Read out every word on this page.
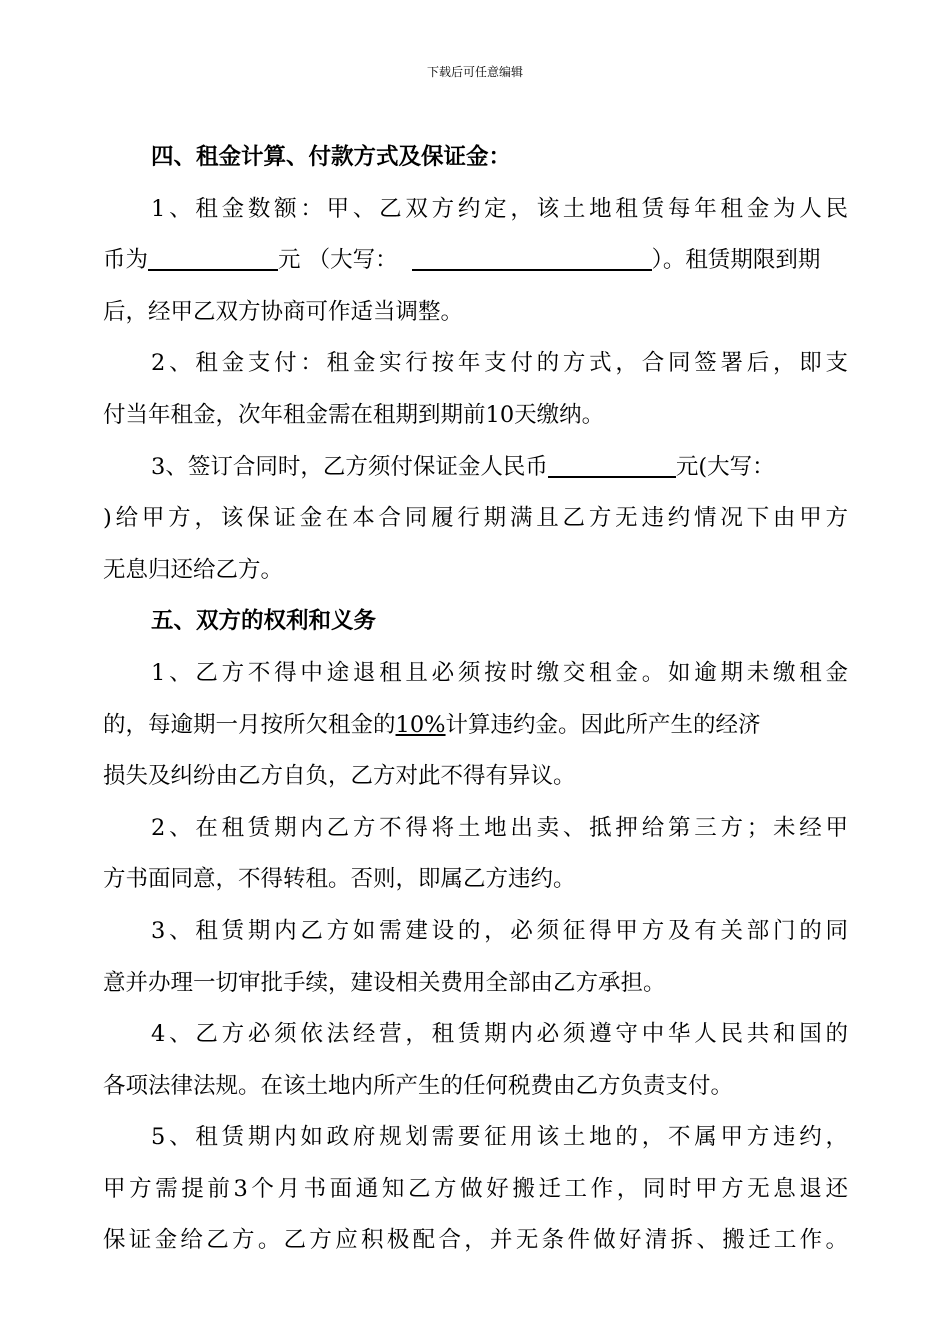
下载后可任意编辑
四、租金计算、付款方式及保证金：
1、租金数额：甲、乙双方约定，该土地租赁每年租金为人民
币为	元 （大写：	）。租赁期限到期
后，经甲乙双方协商可作适当调整。
2、租金支付：租金实行按年支付的方式，合同签署后，即支
付当年租金，次年租金需在租期到期前10天缴纳。
3、签订合同时，乙方须付保证金人民币	元(大写：
)给甲方，该保证金在本合同履行期满且乙方无违约情况下由甲方
无息归还给乙方。
五、双方的权利和义务
1、乙方不得中途退租且必须按时缴交租金。如逾期未缴租金
的，每逾期一月按所欠租金的10%计算违约金。因此所产生的经济
损失及纠纷由乙方自负，乙方对此不得有异议。
2、在租赁期内乙方不得将土地出卖、抵押给第三方；未经甲
方书面同意，不得转租。否则，即属乙方违约。
3、租赁期内乙方如需建设的，必须征得甲方及有关部门的同
意并办理一切审批手续，建设相关费用全部由乙方承担。
4、乙方必须依法经营，租赁期内必须遵守中华人民共和国的
各项法律法规。在该土地内所产生的任何税费由乙方负责支付。
5、租赁期内如政府规划需要征用该土地的，不属甲方违约，
甲方需提前3个月书面通知乙方做好搬迁工作，同时甲方无息退还
保证金给乙方。乙方应积极配合，并无条件做好清拆、搬迁工作。
